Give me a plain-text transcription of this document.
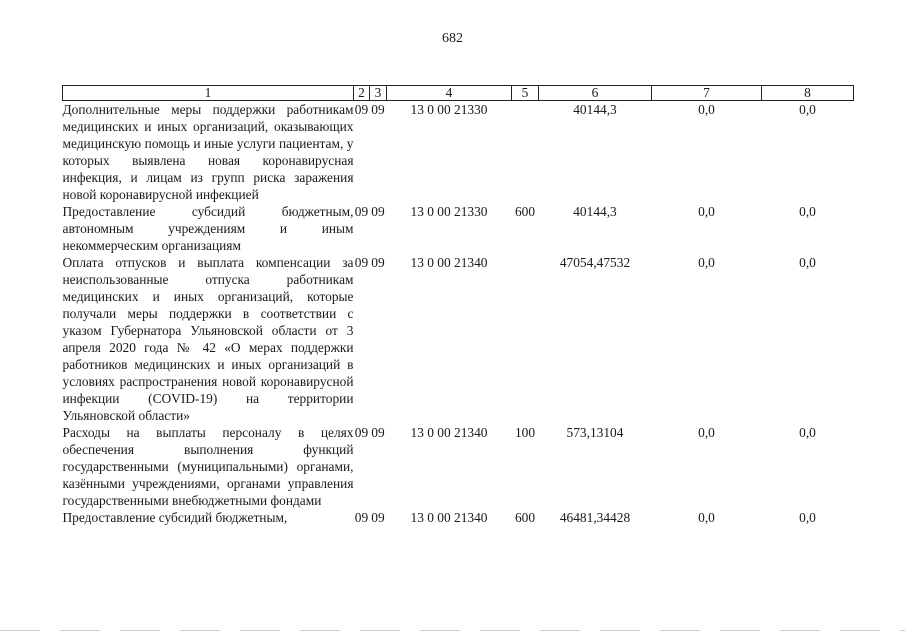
682
1	2	3	4	5	6	7	8
Дополнительные меры поддержки работникам медицинских и иных организаций, оказывающих медицинскую помощь и иные услуги пациентам, у которых выявлена новая коронавирусная инфекция, и лицам из групп риска заражения новой коронавирусной инфекцией	09	09	13 0 00 21330		40144,3	0,0	0,0
Предоставление субсидий бюджетным, автономным учреждениям и иным некоммерческим организациям	09	09	13 0 00 21330	600	40144,3	0,0	0,0
Оплата отпусков и выплата компенсации за неиспользованные отпуска работникам медицинских и иных организаций, которые получали меры поддержки в соответствии с указом Губернатора Ульяновской области от 3 апреля 2020 года № 42 «О мерах поддержки работников медицинских и иных организаций в условиях распространения новой коронавирусной инфекции (COVID-19) на территории Ульяновской области»	09	09	13 0 00 21340		47054,47532	0,0	0,0
Расходы на выплаты персоналу в целях обеспечения выполнения функций государственными (муниципальными) органами, казёнными учреждениями, органами управления государственными внебюджетными фондами	09	09	13 0 00 21340	100	573,13104	0,0	0,0
Предоставление субсидий бюджетным,	09	09	13 0 00 21340	600	46481,34428	0,0	0,0
